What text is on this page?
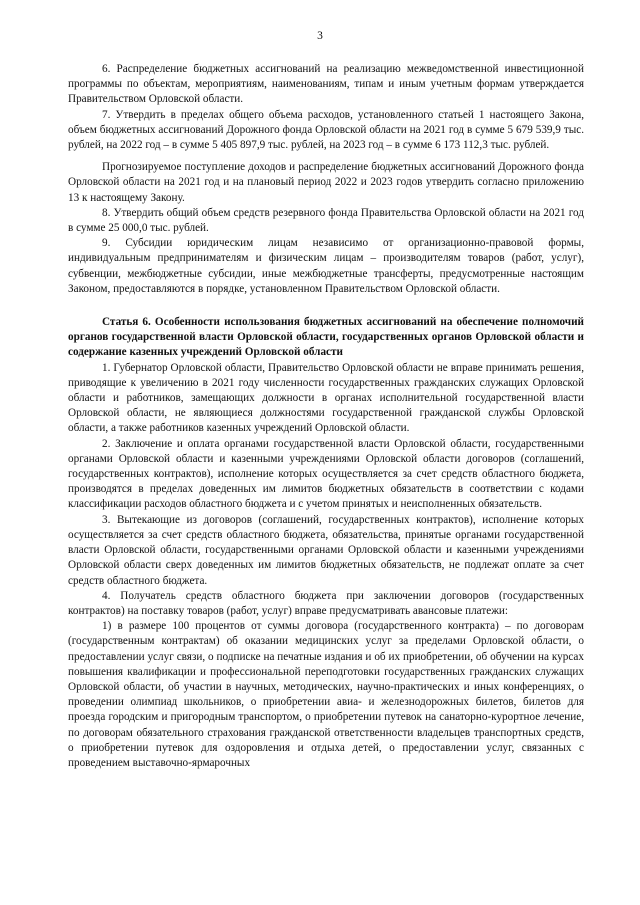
3

6. Распределение бюджетных ассигнований на реализацию межведомственной инвестиционной программы по объектам, мероприятиям, наименованиям, типам и иным учетным формам утверждается Правительством Орловской области.

7. Утвердить в пределах общего объема расходов, установленного статьей 1 настоящего Закона, объем бюджетных ассигнований Дорожного фонда Орловской области на 2021 год в сумме 5 679 539,9 тыс. рублей, на 2022 год – в сумме 5 405 897,9 тыс. рублей, на 2023 год – в сумме 6 173 112,3 тыс. рублей.

Прогнозируемое поступление доходов и распределение бюджетных ассигнований Дорожного фонда Орловской области на 2021 год и на плановый период 2022 и 2023 годов утвердить согласно приложению 13 к настоящему Закону.

8. Утвердить общий объем средств резервного фонда Правительства Орловской области на 2021 год в сумме 25 000,0 тыс. рублей.

9. Субсидии юридическим лицам независимо от организационно-правовой формы, индивидуальным предпринимателям и физическим лицам – производителям товаров (работ, услуг), субвенции, межбюджетные субсидии, иные межбюджетные трансферты, предусмотренные настоящим Законом, предоставляются в порядке, установленном Правительством Орловской области.

Статья 6. Особенности использования бюджетных ассигнований на обеспечение полномочий органов государственной власти Орловской области, государственных органов Орловской области и содержание казенных учреждений Орловской области

1. Губернатор Орловской области, Правительство Орловской области не вправе принимать решения, приводящие к увеличению в 2021 году численности государственных гражданских служащих Орловской области и работников, замещающих должности в органах исполнительной государственной власти Орловской области, не являющиеся должностями государственной гражданской службы Орловской области, а также работников казенных учреждений Орловской области.

2. Заключение и оплата органами государственной власти Орловской области, государственными органами Орловской области и казенными учреждениями Орловской области договоров (соглашений, государственных контрактов), исполнение которых осуществляется за счет средств областного бюджета, производятся в пределах доведенных им лимитов бюджетных обязательств в соответствии с кодами классификации расходов областного бюджета и с учетом принятых и неисполненных обязательств.

3. Вытекающие из договоров (соглашений, государственных контрактов), исполнение которых осуществляется за счет средств областного бюджета, обязательства, принятые органами государственной власти Орловской области, государственными органами Орловской области и казенными учреждениями Орловской области сверх доведенных им лимитов бюджетных обязательств, не подлежат оплате за счет средств областного бюджета.

4. Получатель средств областного бюджета при заключении договоров (государственных контрактов) на поставку товаров (работ, услуг) вправе предусматривать авансовые платежи:

1) в размере 100 процентов от суммы договора (государственного контракта) – по договорам (государственным контрактам) об оказании медицинских услуг за пределами Орловской области, о предоставлении услуг связи, о подписке на печатные издания и об их приобретении, об обучении на курсах повышения квалификации и профессиональной переподготовки государственных гражданских служащих Орловской области, об участии в научных, методических, научно-практических и иных конференциях, о проведении олимпиад школьников, о приобретении авиа- и железнодорожных билетов, билетов для проезда городским и пригородным транспортом, о приобретении путевок на санаторно-курортное лечение, по договорам обязательного страхования гражданской ответственности владельцев транспортных средств, о приобретении путевок для оздоровления и отдыха детей, о предоставлении услуг, связанных с проведением выставочно-ярмарочных
